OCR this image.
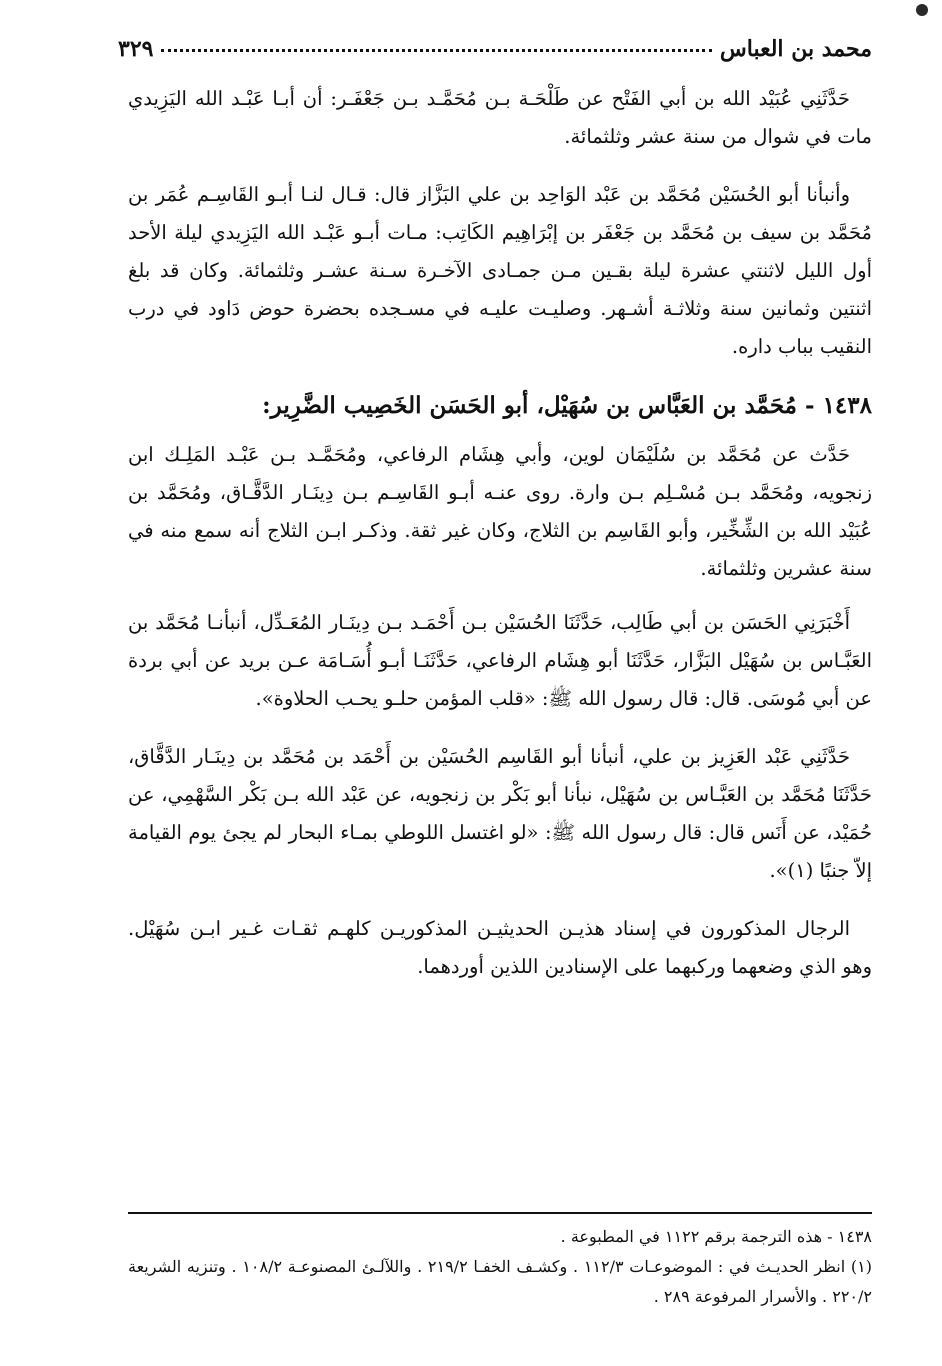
محمد بن العباس
٣٢٩

حَدَّثَنِي عُبَيْد الله بن أبي الفَتْح عن طَلْحَـة بـن مُحَمَّـد بـن جَعْفَـر: أن أبـا عَبْـد الله اليَزِيدي مات في شوال من سنة عشر وثلثمائة.

وأنبأنا أبو الحُسَيْن مُحَمَّد بن عَبْد الوَاحِد بن علي البَزَّاز قال: قـال لنـا أبـو القَاسِـم عُمَر بن مُحَمَّد بن سيف بن مُحَمَّد بن جَعْفَر بن إبْرَاهِيم الكَاتِب: مـات أبـو عَبْـد الله اليَزِيدي ليلة الأحد أول الليل لاثنتي عشرة ليلة بقـين مـن جمـادى الآخـرة سـنة عشـر وثلثمائة. وكان قد بلغ اثنتين وثمانين سنة وثلاثـة أشـهر. وصليـت عليـه في مسـجده بحضرة حوض دَاود في درب النقيب بباب داره.

١٤٣٨ -مُحَمَّد بن العَبَّاس بن سُهَيْل، أبو الحَسَن الخَصِيب الضَّرِير:

حَدَّث عن مُحَمَّد بن سُلَيْمَان لوين، وأبي هِشَام الرفاعي، ومُحَمَّـد بـن عَبْـد المَلِـك ابن زنجويه، ومُحَمَّد بـن مُسْـلِم بـن وارة. روى عنـه أبـو القَاسِـم بـن دِينَـار الدَّقَّـاق، ومُحَمَّد بن عُبَيْد الله بن الشِّخِّير، وأبو القَاسِم بن الثلاج، وكان غير ثقة. وذكـر ابـن الثلاج أنه سمع منه في سنة عشرين وثلثمائة.

أَخْبَرَنِي الحَسَن بن أبي طَالِب، حَدَّثَنَا الحُسَيْن بـن أَحْمَـد بـن دِينَـار المُعَـدِّل، أنبأنـا مُحَمَّد بن العَبَّـاس بن سُهَيْل البَزَّار، حَدَّثَنَا أبو هِشَام الرفاعي، حَدَّثَنَـا أبـو أُسَـامَة عـن بريد عن أبي بردة عن أبي مُوسَى. قال: قال رسول الله ﷺ: «قلب المؤمن حلـو يحـب الحلاوة».

حَدَّثَنِي عَبْد العَزِيز بن علي، أنبأنا أبو القَاسِم الحُسَيْن بن أَحْمَد بن مُحَمَّد بن دِينَـار الدَّقَّاق، حَدَّثَنَا مُحَمَّد بن العَبَّـاس بن سُهَيْل، نبأنا أبو بَكْر بن زنجويه، عن عَبْد الله بـن بَكْر السَّهْمِي، عن حُمَيْد، عن أَنَس قال: قال رسول الله ﷺ: «لو اغتسل اللوطي بمـاء البحار لم يجئ يوم القيامة إلاّ جنبًا (١)».

الرجال المذكورون في إسناد هذيـن الحديثيـن المذكوريـن كلهـم ثقـات غـير ابـن سُهَيْل. وهو الذي وضعهما وركبهما على الإسنادين اللذين أوردهما.

١٤٣٨ - هذه الترجمة برقم ١١٢٢ في المطبوعة .

(١) انظر الحديـث في : الموضوعـات ١١٢/٣ . وكشـف الخفـا ٢١٩/٢ . واللآلـئ المصنوعـة ١٠٨/٢ . وتنزيه الشريعة ٢٢٠/٢ . والأسرار المرفوعة ٢٨٩ .
